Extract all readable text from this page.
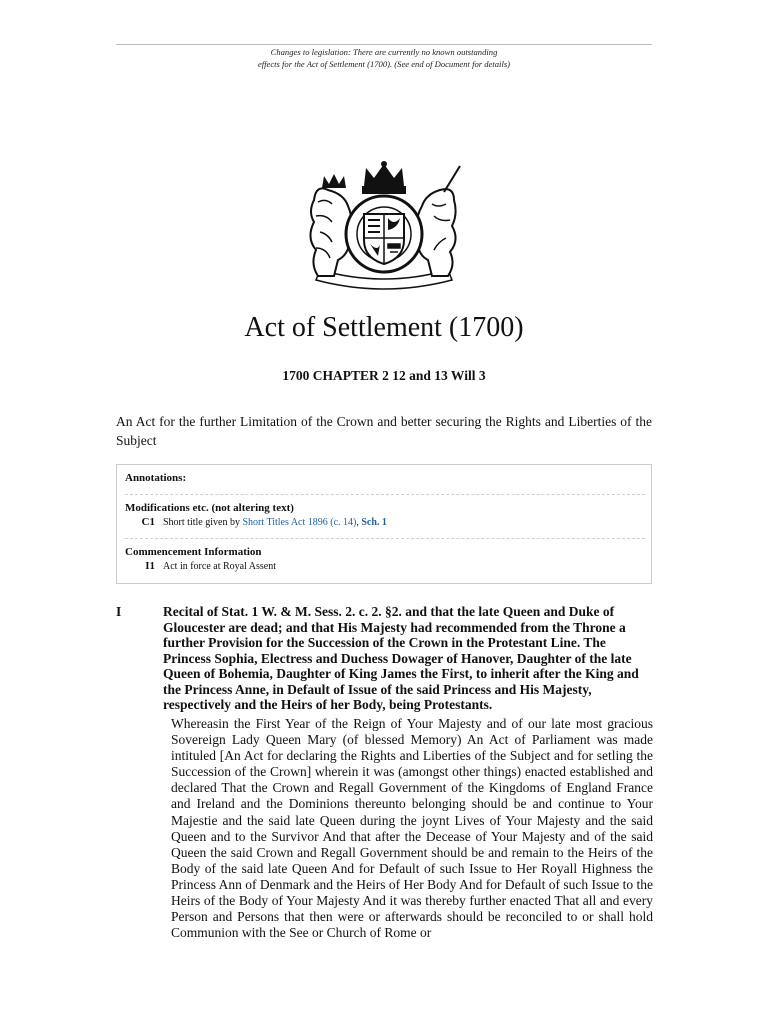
Changes to legislation: There are currently no known outstanding
effects for the Act of Settlement (1700). (See end of Document for details)
Act of Settlement (1700)
1700 CHAPTER 2 12 and 13 Will 3
An Act for the further Limitation of the Crown and better securing the Rights and Liberties of the Subject
Annotations:
Modifications etc. (not altering text)
C1 Short title given by Short Titles Act 1896 (c. 14), Sch. 1
Commencement Information
I1 Act in force at Royal Assent
I	Recital of Stat. 1 W. & M. Sess. 2. c. 2. §2. and that the late Queen and Duke of Gloucester are dead; and that His Majesty had recommended from the Throne a further Provision for the Succession of the Crown in the Protestant Line. The Princess Sophia, Electress and Duchess Dowager of Hanover, Daughter of the late Queen of Bohemia, Daughter of King James the First, to inherit after the King and the Princess Anne, in Default of Issue of the said Princess and His Majesty, respectively and the Heirs of her Body, being Protestants.
Whereasin the First Year of the Reign of Your Majesty and of our late most gracious Sovereign Lady Queen Mary (of blessed Memory) An Act of Parliament was made intituled [An Act for declaring the Rights and Liberties of the Subject and for setling the Succession of the Crown] wherein it was (amongst other things) enacted established and declared That the Crown and Regall Government of the Kingdoms of England France and Ireland and the Dominions thereunto belonging should be and continue to Your Majestie and the said late Queen during the joynt Lives of Your Majesty and the said Queen and to the Survivor And that after the Decease of Your Majesty and of the said Queen the said Crown and Regall Government should be and remain to the Heirs of the Body of the said late Queen And for Default of such Issue to Her Royall Highness the Princess Ann of Denmark and the Heirs of Her Body And for Default of such Issue to the Heirs of the Body of Your Majesty And it was thereby further enacted That all and every Person and Persons that then were or afterwards should be reconciled to or shall hold Communion with the See or Church of Rome or
